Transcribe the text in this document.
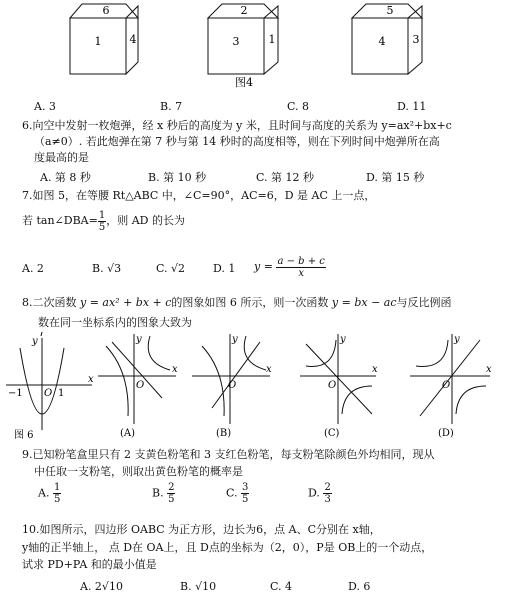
6
1	4
2
3	1
5
4 3
图4
A. 3	B. 7	C. 8	D. 11
6.向空中发射一枚炮弹，经 x 秒后的高度为 y 米，且时间与高度的关系为 y=ax²+bx+c
（a≠0）. 若此炮弹在第 7 秒与第 14 秒时的高度相等，则在下列时间中炮弹所在高
度最高的是
A. 第 8 秒	B. 第 10 秒	C. 第 12 秒	D. 第 15 秒
7.如图 5，在等腰 Rt△ABC 中，∠C=90°，AC=6，D 是 AC 上一点，
若 tan∠DBA= $\frac{1}{5}$ ，则 AD 的长为
A. 2	B. √3	C. √2	D. 1 $y = \frac{a - b + c}{x}$
8.二次函数 y = ax² + bx + c的图象如图 6 所示，则一次函数 y = bx − ac与反比例函
数在同一坐标系内的图象大致为
y
x
−1	1
O
图 6
y
x
O
(A)
y
x
O
(B)
y
x
O
(C)
y
x
O
(D)
9.已知粉笔盒里只有 2 支黄色粉笔和 3 支红色粉笔，每支粉笔除颜色外均相同，现从
中任取一支粉笔，则取出黄色粉笔的概率是
A. $\frac{1}{5}$	B. $\frac{2}{5}$	C. $\frac{3}{5}$	D. $\frac{2}{3}$
10.如图所示，四边形 OABC 为正方形，边长为6，点 A、C分别在 x轴，
y轴的正半轴上， 点 D在 OA上，且 D点的坐标为（2，0），P是 OB上的一个动点，
试求 PD+PA 和的最小值是
A. 2√10	B. √10	C. 4	D. 6
